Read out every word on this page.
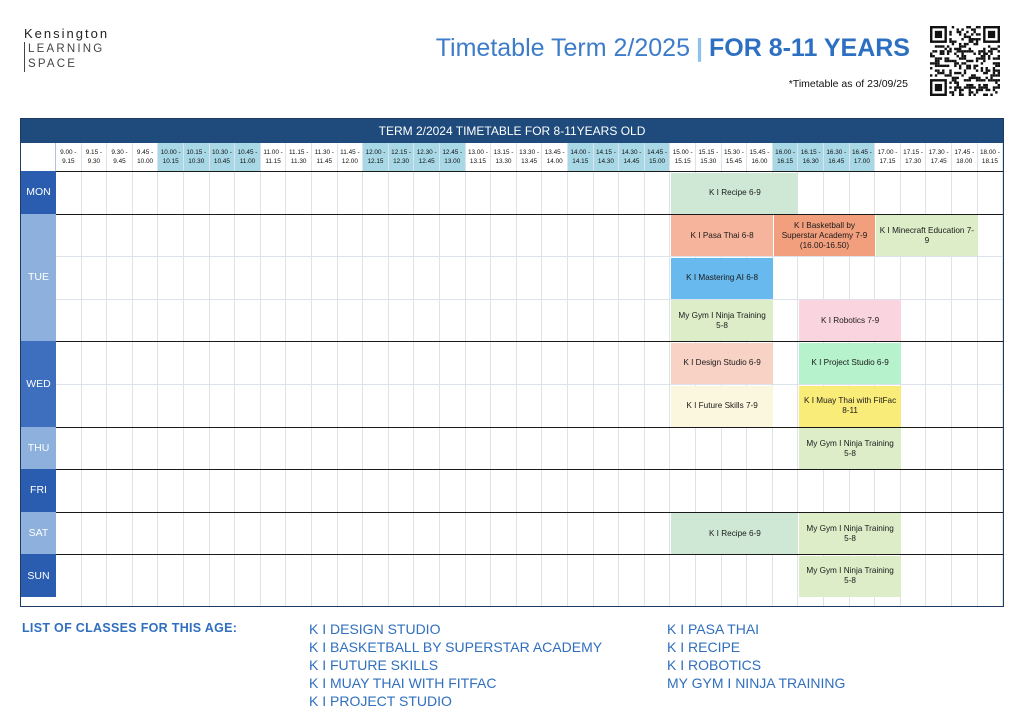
Kensington
LEARNING
SPACE
Timetable Term 2/2025 | FOR 8-11 YEARS
*Timetable as of 23/09/25
TERM 2/2024 TIMETABLE FOR 8-11YEARS OLD
9.00 -
9.15
9.15 -
9.30
9.30 -
9.45
9.45 -
10.00
10.00 -
10.15
10.15 -
10.30
10.30 -
10.45
10.45 -
11.00
11.00 -
11.15
11.15 -
11.30
11.30 -
11.45
11.45 -
12.00
12.00 -
12.15
12.15 -
12.30
12.30 -
12.45
12.45 -
13.00
13.00 -
13.15
13.15 -
13.30
13.30 -
13.45
13.45 -
14.00
14.00 -
14.15
14.15 -
14.30
14.30 -
14.45
14.45 -
15.00
15.00 -
15.15
15.15 -
15.30
15.30 -
15.45
15.45 -
16.00
16.00 -
16.15
16.15 -
16.30
16.30 -
16.45
16.45 -
17.00
17.00 -
17.15
17.15 -
17.30
17.30 -
17.45
17.45 -
18.00
18.00 -
18.15
MON
TUE
WED
THU
FRI
SAT
SUN
K I Recipe 6-9
K I Pasa Thai 6-8
K I Basketball by Superstar Academy 7-9 (16.00-16.50)
K I Minecraft Education 7-9
K I Mastering AI 6-8
My Gym I Ninja Training 5-8
K I Robotics 7-9
K I Design Studio 6-9	K I Project Studio 6-9
K I Future Skills 7-9
K I Muay Thai with FitFac 8-11
My Gym I Ninja Training 5-8
K I Recipe 6-9
My Gym I Ninja Training 5-8
My Gym I Ninja Training 5-8
LIST OF CLASSES FOR THIS AGE:	K I DESIGN STUDIO
K I BASKETBALL BY SUPERSTAR ACADEMY
K I FUTURE SKILLS
K I MUAY THAI WITH FITFAC
K I PROJECT STUDIO
K I PASA THAI
K I RECIPE
K I ROBOTICS
MY GYM I NINJA TRAINING
